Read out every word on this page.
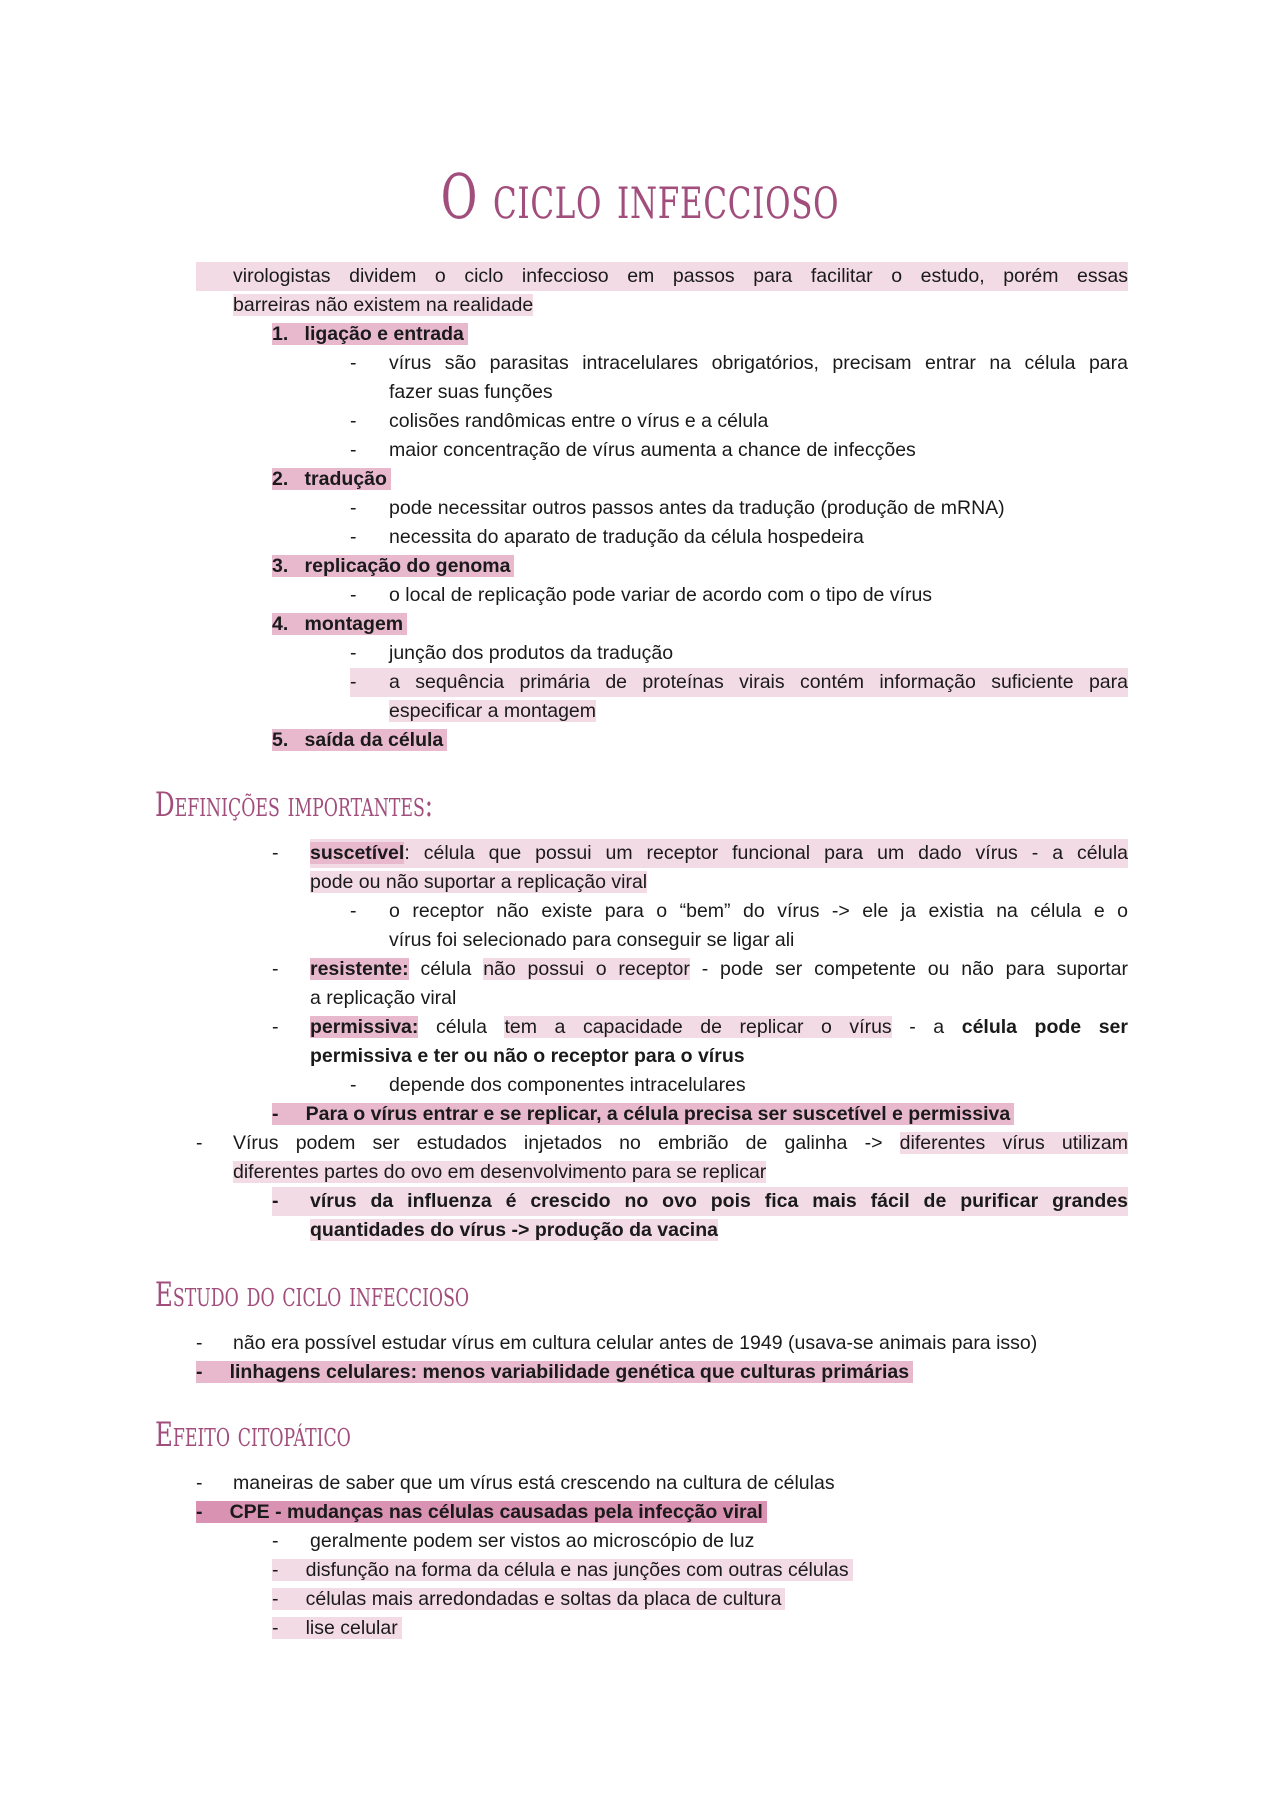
O ciclo infeccioso
virologistas dividem o ciclo infeccioso em passos para facilitar o estudo, porém essas
barreiras não existem na realidade
1. ligação e entrada
- vírus são parasitas intracelulares obrigatórios, precisam entrar na célula para
fazer suas funções
- colisões randômicas entre o vírus e a célula
- maior concentração de vírus aumenta a chance de infecções
2. tradução
- pode necessitar outros passos antes da tradução (produção de mRNA)
- necessita do aparato de tradução da célula hospedeira
3. replicação do genoma
- o local de replicação pode variar de acordo com o tipo de vírus
4. montagem
- junção dos produtos da tradução
- a sequência primária de proteínas virais contém informação suficiente para
especificar a montagem
5. saída da célula
Definições importantes:
- suscetível: célula que possui um receptor funcional para um dado vírus - a célula
pode ou não suportar a replicação viral
- o receptor não existe para o “bem” do vírus -> ele ja existia na célula e o
vírus foi selecionado para conseguir se ligar ali
- resistente: célula não possui o receptor - pode ser competente ou não para suportar
a replicação viral
- permissiva: célula tem a capacidade de replicar o vírus - a célula pode ser
permissiva e ter ou não o receptor para o vírus
- depende dos componentes intracelulares
- Para o vírus entrar e se replicar, a célula precisa ser suscetível e permissiva
- Vírus podem ser estudados injetados no embrião de galinha -> diferentes vírus utilizam
diferentes partes do ovo em desenvolvimento para se replicar
- vírus da influenza é crescido no ovo pois fica mais fácil de purificar grandes
quantidades do vírus -> produção da vacina
Estudo do ciclo infeccioso
- não era possível estudar vírus em cultura celular antes de 1949 (usava-se animais para isso)
- linhagens celulares: menos variabilidade genética que culturas primárias
Efeito citopático
- maneiras de saber que um vírus está crescendo na cultura de células
- CPE - mudanças nas células causadas pela infecção viral
- geralmente podem ser vistos ao microscópio de luz
- disfunção na forma da célula e nas junções com outras células
- células mais arredondadas e soltas da placa de cultura
- lise celular
